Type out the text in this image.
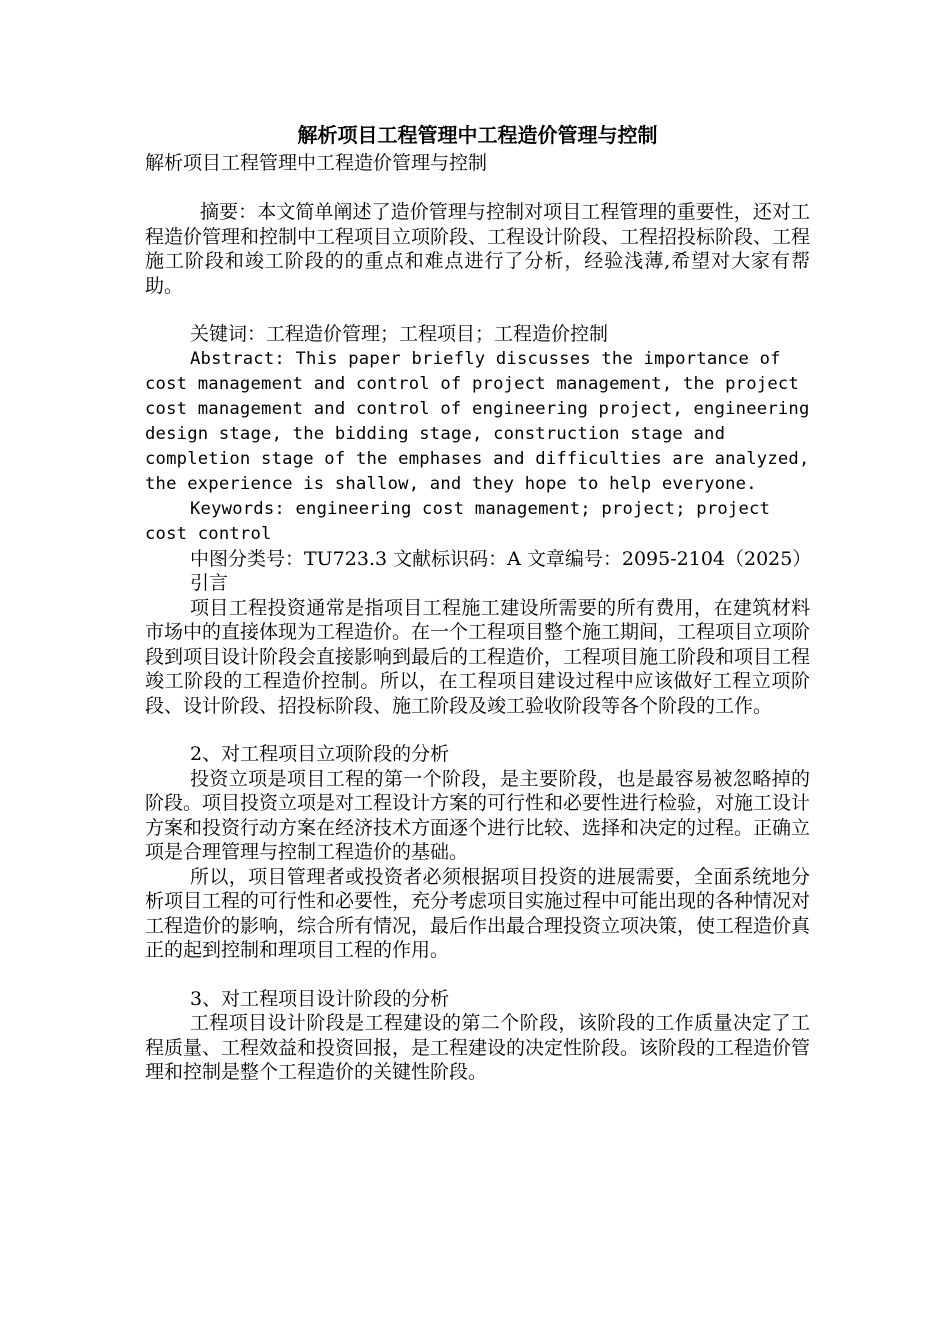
解析项目工程管理中工程造价管理与控制

解析项目工程管理中工程造价管理与控制

摘要：本文简单阐述了造价管理与控制对项目工程管理的重要性，还对工程造价管理和控制中工程项目立项阶段、工程设计阶段、工程招投标阶段、工程施工阶段和竣工阶段的的重点和难点进行了分析，经验浅薄,希望对大家有帮助。

关键词：工程造价管理；工程项目；工程造价控制

Abstract: This paper briefly discusses the importance of cost management and control of project management, the project cost management and control of engineering project, engineering design stage, the bidding stage, construction stage and completion stage of the emphases and difficulties are analyzed, the experience is shallow, and they hope to help everyone.

Keywords: engineering cost management; project; project cost control

中图分类号：TU723.3 文献标识码：A 文章编号：2095-2104（2025）

引言

项目工程投资通常是指项目工程施工建设所需要的所有费用，在建筑材料市场中的直接体现为工程造价。在一个工程项目整个施工期间，工程项目立项阶段到项目设计阶段会直接影响到最后的工程造价，工程项目施工阶段和项目工程竣工阶段的工程造价控制。所以，在工程项目建设过程中应该做好工程立项阶段、设计阶段、招投标阶段、施工阶段及竣工验收阶段等各个阶段的工作。

2、对工程项目立项阶段的分析

投资立项是项目工程的第一个阶段，是主要阶段，也是最容易被忽略掉的阶段。项目投资立项是对工程设计方案的可行性和必要性进行检验，对施工设计方案和投资行动方案在经济技术方面逐个进行比较、选择和决定的过程。正确立项是合理管理与控制工程造价的基础。

所以，项目管理者或投资者必须根据项目投资的进展需要，全面系统地分析项目工程的可行性和必要性，充分考虑项目实施过程中可能出现的各种情况对工程造价的影响，综合所有情况，最后作出最合理投资立项决策，使工程造价真正的起到控制和理项目工程的作用。

3、对工程项目设计阶段的分析

工程项目设计阶段是工程建设的第二个阶段，该阶段的工作质量决定了工程质量、工程效益和投资回报，是工程建设的决定性阶段。该阶段的工程造价管理和控制是整个工程造价的关键性阶段。
